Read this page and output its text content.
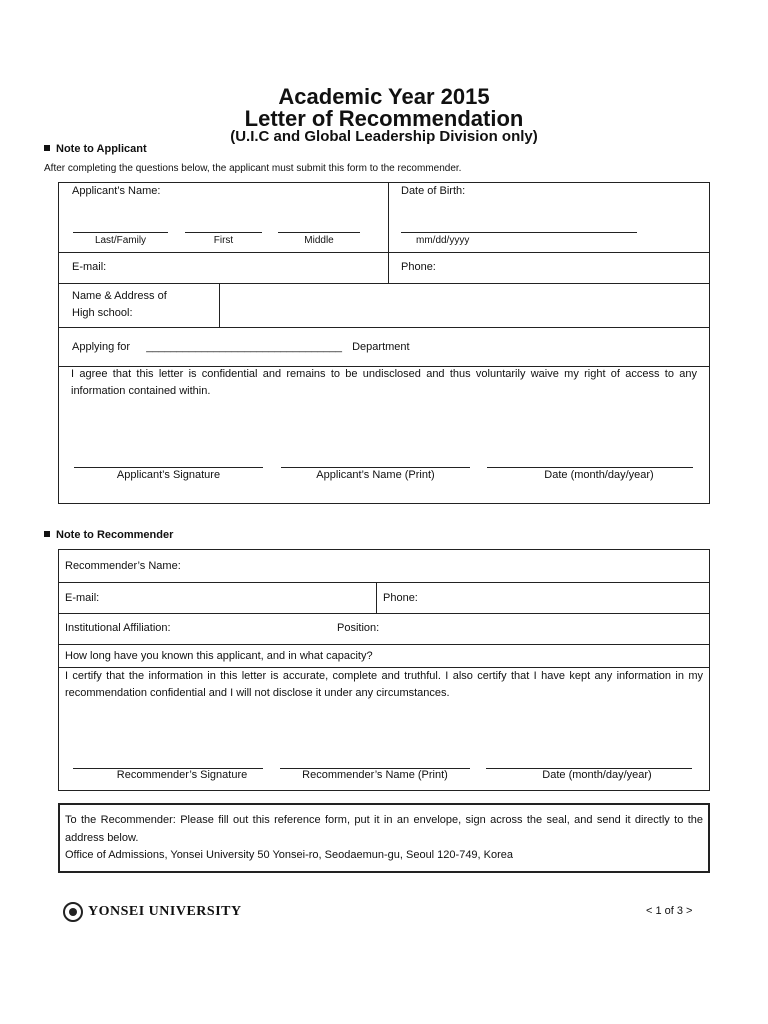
Academic Year 2015
Letter of Recommendation
(U.I.C and Global Leadership Division only)
Note to Applicant
After completing the questions below, the applicant must submit this form to the recommender.
Applicant’s Name:
Last/Family	First	Middle
Date of Birth:
mm/dd/yyyy
E-mail:	Phone:
Name & Address of
High school:
Applying for ________________________________ Department
I agree that this letter is confidential and remains to be undisclosed and thus voluntarily waive my right of access to any information contained within.
Applicant’s Signature	Applicant’s Name (Print)	Date (month/day/year)
Note to Recommender
Recommender’s Name:
E-mail:	Phone:
Institutional Affiliation:	Position:
How long have you known this applicant, and in what capacity?
I certify that the information in this letter is accurate, complete and truthful. I also certify that I have kept any information in my recommendation confidential and I will not disclose it under any circumstances.
Recommender’s Signature	Recommender’s Name (Print)	Date (month/day/year)
To the Recommender: Please fill out this reference form, put it in an envelope, sign across the seal, and send it directly to the address below.
Office of Admissions, Yonsei University 50 Yonsei-ro, Seodaemun-gu, Seoul 120-749, Korea
YONSEI UNIVERSITY	< 1 of 3 >
